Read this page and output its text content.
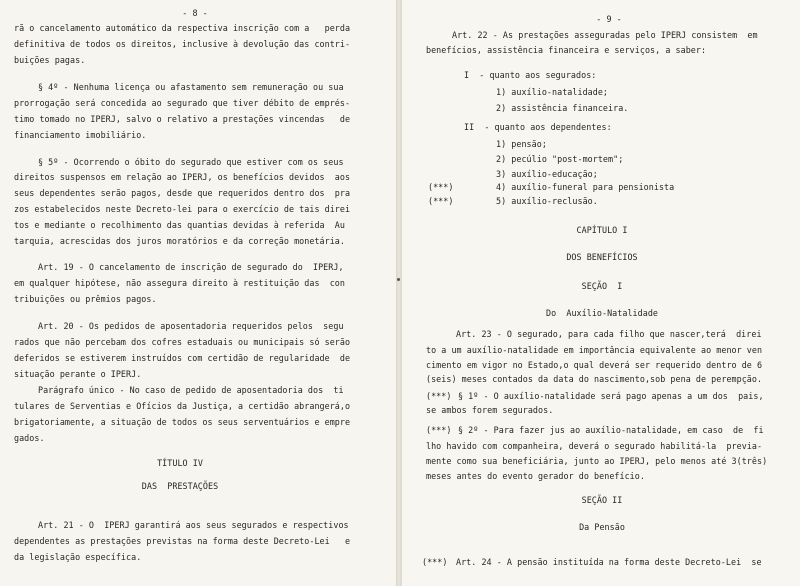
- 8 -
rã o cancelamento automático da respectiva inscrição com a   perda
definitiva de todos os direitos, inclusive à devolução das contri-
buições pagas.
§ 4º - Nenhuma licença ou afastamento sem remuneração ou sua
prorrogação será concedida ao segurado que tiver débito de emprés-
timo tomado no IPERJ, salvo o relativo a prestações vincendas   de
financiamento imobiliário.
§ 5º - Ocorrendo o óbito do segurado que estiver com os seus
direitos suspensos em relação ao IPERJ, os benefícios devidos  aos
seus dependentes serão pagos, desde que requeridos dentro dos  pra
zos estabelecidos neste Decreto-lei para o exercício de tais direi
tos e mediante o recolhimento das quantias devidas à referida  Au
tarquia, acrescidas dos juros moratórios e da correção monetária.
Art. 19 - O cancelamento de inscrição de segurado do  IPERJ,
em qualquer hipótese, não assegura direito à restituição das  con
tribuições ou prêmios pagos.
Art. 20 - Os pedidos de aposentadoria requeridos pelos  segu
rados que não percebam dos cofres estaduais ou municipais só serão
deferidos se estiverem instruídos com certidão de regularidade  de
situação perante o IPERJ.
Parágrafo único - No caso de pedido de aposentadoria dos  ti
tulares de Serventias e Ofícios da Justiça, a certidão abrangerá,o
brigatoriamente, a situação de todos os seus serventuários e empre
gados.
TÍTULO IV
DAS  PRESTAÇÕES
Art. 21 - O  IPERJ garantirá aos seus segurados e respectivos
dependentes as prestações previstas na forma deste Decreto-Lei   e
da legislação específica.
- 9 -
Art. 22 - As prestações asseguradas pelo IPERJ consistem  em
benefícios, assistência financeira e serviços, a saber:
I  - quanto aos segurados:
1) auxílio-natalidade;
2) assistência financeira.
II  - quanto aos dependentes:
1) pensão;
2) pecúlio "post-mortem";
3) auxílio-educação;
(***)	4) auxílio-funeral para pensionista
(***)	5) auxílio-reclusão.
CAPÍTULO I
DOS BENEFÍCIOS
SEÇÃO  I
Do  Auxílio-Natalidade
Art. 23 - O segurado, para cada filho que nascer,terá  direi
to a um auxílio-natalidade em importância equivalente ao menor ven
cimento em vigor no Estado,o qual deverá ser requerido dentro de 6
(seis) meses contados da data do nascimento,sob pena de perempção.
(***) § 1º - O auxílio-natalidade será pago apenas a um dos  pais,
se ambos forem segurados.
(***) § 2º - Para fazer jus ao auxílio-natalidade, em caso  de  fi
lho havido com companheira, deverá o segurado habilitá-la  previa-
mente como sua beneficiária, junto ao IPERJ, pelo menos até 3(três)
meses antes do evento gerador do benefício.
SEÇÃO II
Da Pensão
(***) Art. 24 - A pensão instituída na forma deste Decreto-Lei  se
